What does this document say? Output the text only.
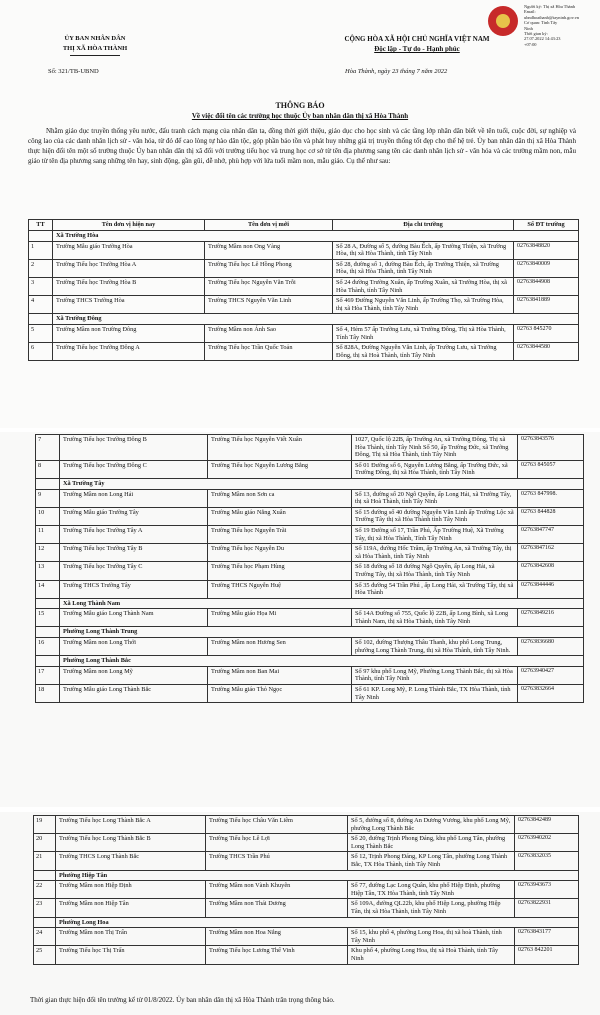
ỦY BAN NHÂN DÂN
THỊ XÃ HÒA THÀNH
Số: 321/TB-UBND
CỘNG HÒA XÃ HỘI CHỦ NGHĨA VIỆT NAM
Độc lập - Tự do - Hạnh phúc
Hòa Thành, ngày 23 tháng 7 năm 2022
Người ký: Thị xã Hòa Thành
Email:
ubndhoathanh@tayninh.gov.vn
Cơ quan: Tỉnh Tây
Ninh
Thời gian ký:
27.07.2022 14:43:23
+07:00
THÔNG BÁO
Về việc đổi tên các trường học thuộc Ủy ban nhân dân thị xã Hòa Thành
Nhằm giáo dục truyền thống yêu nước, đấu tranh cách mạng của nhân dân ta, đồng thời giới thiệu, giáo dục cho học sinh và các tầng lớp nhân dân biết về tên tuổi, cuộc đời, sự nghiệp và công lao của các danh nhân lịch sử - văn hóa, từ đó để cao lòng tự hào dân tộc, góp phần bảo tồn và phát huy những giá trị truyền thống tốt đẹp cho thế hệ trẻ. Ủy ban nhân dân thị xã Hòa Thành thực hiện đổi tên một số trường thuộc Ủy ban nhân dân thị xã đổi với trường tiểu học và trung học cơ sở từ tên địa phương sang tên các danh nhân lịch sử - văn hóa và các trường mầm non, mẫu giáo từ tên địa phương sang những tên hay, sinh động, gần gũi, dễ nhớ, phù hợp với lứa tuổi mầm non, mẫu giáo. Cụ thể như sau:
TT	Tên đơn vị hiện nay	Tên đơn vị mới	Địa chỉ trường	Số ĐT trường
	Xã Trường Hòa			
1	Trường Mẫu giáo Trường Hòa	Trường Mầm non Ong Vàng	Số 28 A, Đường số 5, đường Bàu Ếch, ấp Trường Thiện, xã Trường Hòa, thị xã Hòa Thành, tỉnh Tây Ninh	02763848820
2	Trường Tiểu học Trường Hòa A	Trường Tiểu học Lê Hồng Phong	Số 28, đường số 1, đường Bàu Ếch, ấp Trường Thiện, xã Trường Hòa, thị xã Hòa Thành, tỉnh Tây Ninh	02763840009
3	Trường Tiểu học Trường Hòa B	Trường Tiểu học Nguyễn Văn Trỗi	Số 24 đường Trường Xuân, ấp Trường Xuân, xã Trường Hòa, thị xã Hòa Thành, tỉnh Tây Ninh	02763844908
4	Trường THCS Trường Hòa	Trường THCS Nguyễn Văn Linh	Số 469 Đường Nguyễn Văn Linh, ấp Trường Thọ, xã Trường Hòa, thị xã Hòa Thành, tỉnh Tây Ninh	02763841889
	Xã Trường Đông			
5	Trường Mầm non Trường Đông	Trường Mầm non Ánh Sao	Số 4, Hẻm 57 ấp Trường Lưu, xã Trường Đông, Thị xã Hòa Thành, Tỉnh Tây Ninh	02763 845270
6	Trường Tiểu học Trường Đông A	Trường Tiểu học Trần Quốc Toản	Số 828A, Đường Nguyễn Văn Linh, ấp Trường Lưu, xã Trường Đông, thị xã Hoà Thành, tỉnh Tây Ninh	02763844580
7	Trường Tiểu học Trường Đông B	Trường Tiểu học Nguyễn Viết Xuân	1027, Quốc lộ 22B, ấp Trường An, xã Trường Đông, Thị xã Hòa Thành, tỉnh Tây Ninh Số 50, ấp Trường Đức, xã Trường Đông, Thị xã Hòa Thành, tỉnh Tây Ninh	02763843576
8	Trường Tiểu học Trường Đông C	Trường Tiểu học Nguyễn Lương Bằng	Số 01 Đường số 6, Nguyễn Lương Bằng, ấp Trường Đức, xã Trường Đông, thị xã Hòa Thành, tỉnh Tây Ninh	02763 845057
	Xã Trường Tây			
9	Trường Mầm non Long Hải	Trường Mầm non Sơn ca	Số 13, đường số 20 Ngô Quyền, ấp Long Hải, xã Trường Tây, thị xã Hoà Thành, tỉnh Tây Ninh	02763 847998.
10	Trường Mẫu giáo Trường Tây	Trường Mẫu giáo Nắng Xuân	Số 15 đường số 40 đường Nguyễn Văn Linh ấp Trường Lộc xã Trường Tây thị xã Hòa Thành tỉnh Tây Ninh	02763 844828
11	Trường Tiểu học Trường Tây A	Trường Tiểu học Nguyễn Trãi	Số 19 Đường số 17, Trần Phú, Ấp Trường Huệ, Xã Trường Tây, thị xã Hòa Thành, Tỉnh Tây Ninh	02763847747
12	Trường Tiểu học Trường Tây B	Trường Tiểu học Nguyễn Du	Số 119A, đường Hốc Trâm, ấp Trường An, xã Trường Tây, thị xã Hòa Thành, tỉnh Tây Ninh	02763847162
13	Trường Tiểu học Trường Tây C	Trường Tiểu học Phạm Hùng	Số 18 đường số 18 đường Ngô Quyền, ấp Long Hải, xã Trường Tây, thị xã Hòa Thành, tỉnh Tây Ninh	02763842608
14	Trường THCS Trường Tây	Trường THCS Nguyễn Huệ	Số 35 đường 54 Trần Phú , ấp Long Hải, xã Trường Tây, thị xã Hòa Thành	02763844446
	Xã Long Thành Nam			
15	Trường Mẫu giáo Long Thành Nam	Trường Mẫu giáo Họa Mi	Số 14A Đường số 755, Quốc lộ 22B, ấp Long Bình, xã Long Thành Nam, thị xã Hòa Thành, tỉnh Tây Ninh	02763849216
	Phường Long Thành Trung			
16	Trường Mầm non Long Thới	Trường Mầm non Hương Sen	Số 102, đường Thượng Thâu Thanh, khu phố Long Trung, phường Long Thành Trung, thị xã Hòa Thành, tỉnh Tây Ninh.	02763836680
	Phường Long Thành Bắc			
17	Trường Mầm non Long Mỹ	Trường Mầm non Ban Mai	Số 97 khu phố Long Mỹ, Phường Long Thành Bắc, thị xã Hòa Thành, tỉnh Tây Ninh	02763940427
18	Trường Mẫu giáo Long Thành Bắc	Trường Mẫu giáo Thỏ Ngọc	Số 61 KP. Long Mỹ, P. Long Thành Bắc, TX Hòa Thành, tỉnh Tây Ninh	02763832664
19	Trường Tiểu học Long Thành Bắc A	Trường Tiểu học Châu Văn Liêm	Số 5, đường số 8, đường An Dương Vương, khu phố Long Mỹ, phường Long Thành Bắc	02763842489
20	Trường Tiểu học Long Thành Bắc B	Trường Tiểu học Lê Lợi	Số 20, đường Trịnh Phong Đáng, khu phố Long Tân, phường Long Thành Bắc	02763940202
21	Trường THCS Long Thành Bắc	Trường THCS Trần Phú	Số 12, Trịnh Phong Đáng, KP Long Tân, phường Long Thành Bắc, TX Hòa Thành, tỉnh Tây Ninh	02763832035
	Phường Hiệp Tân			
22	Trường Mầm non Hiệp Định	Trường Mầm non Vành Khuyên	Số 77, đường Lạc Long Quân, khu phố Hiệp Định, phường Hiệp Tân, TX Hòa Thành, tỉnh Tây Ninh	02763943673
23	Trường Mầm non Hiệp Tân	Trường Mầm non Thái Dương	Số 109A, đường QL22b, khu phố Hiệp Long, phường Hiệp Tân, thị xã Hòa Thành, tỉnh Tây Ninh	02763822931
	Phường Long Hoa			
24	Trường Mầm non Thị Trấn	Trường Mầm non Hoa Nắng	Số 15, khu phố 4, phường Long Hoa, thị xã hoà Thành, tỉnh Tây Ninh	02763843177
25	Trường Tiểu học Thị Trấn	Trường Tiểu học Lương Thế Vinh	Khu phố 4, phường Long Hoa, thị xã Hoà Thành, tỉnh Tây Ninh	02763 842201
Thời gian thực hiện đổi tên trường kể từ 01/8/2022. Ủy ban nhân dân thị xã Hòa Thành trân trọng thông báo.
